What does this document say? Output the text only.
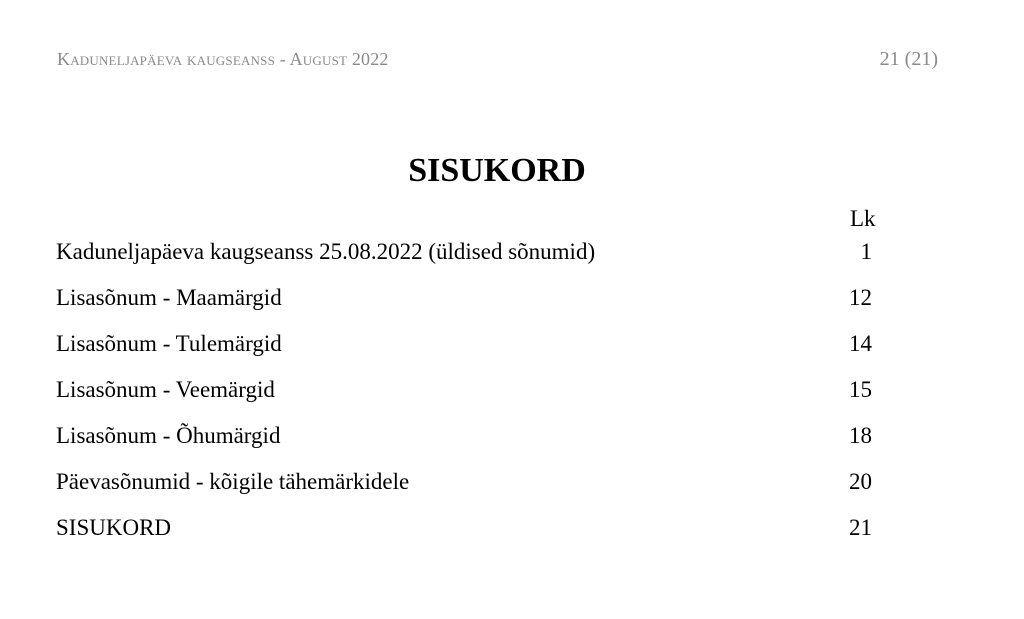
Kaduneljapäeva kaugseanss - August 2022	21 (21)
SISUKORD
Lk
Kaduneljapäeva kaugseanss 25.08.2022 (üldised sõnumid)	1
Lisasõnum - Maamärgid	12
Lisasõnum - Tulemärgid	14
Lisasõnum - Veemärgid	15
Lisasõnum - Õhumärgid	18
Päevasõnumid - kõigile tähemärkidele	20
SISUKORD	21
